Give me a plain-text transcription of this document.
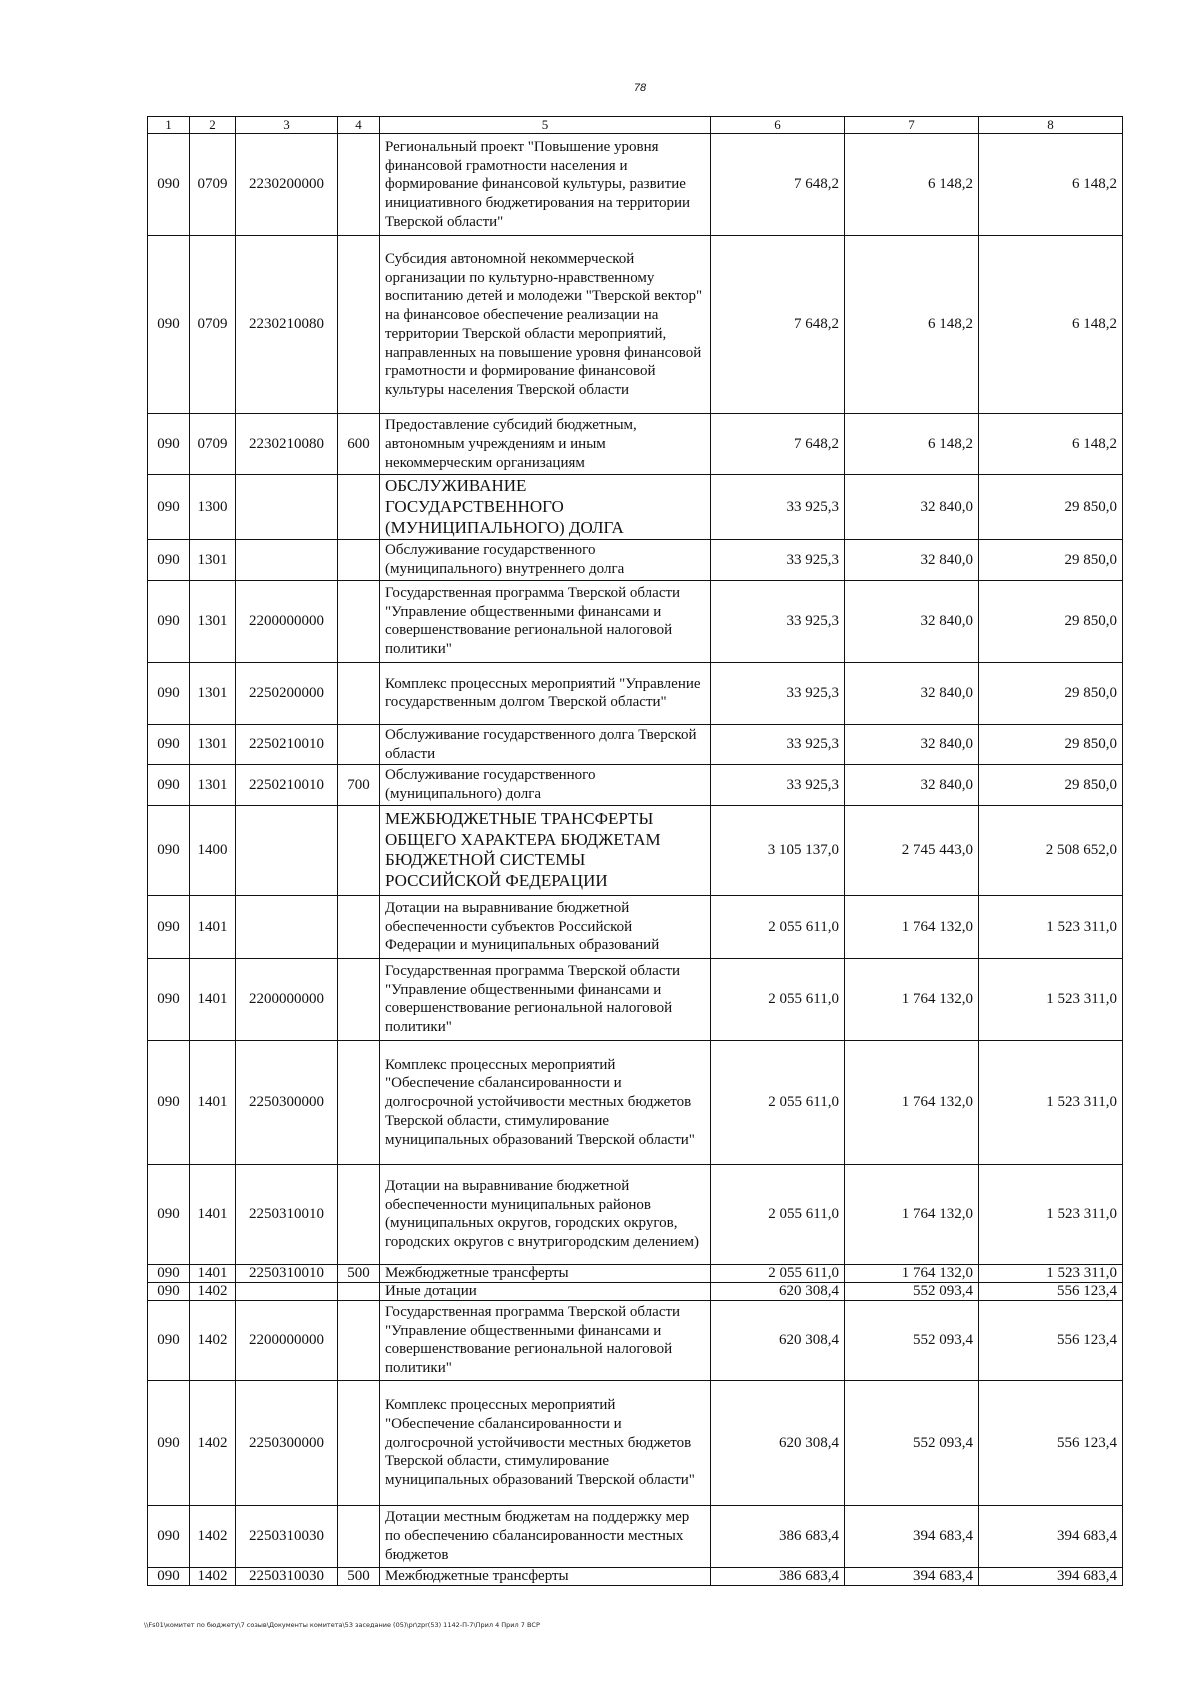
78
1	2	3	4	5	6	7	8
090	0709	2230200000		Региональный проект "Повышение уровня финансовой грамотности населения и формирование финансовой культуры, развитие инициативного бюджетирования на территории Тверской области"	7 648,2	6 148,2	6 148,2
090	0709	2230210080		Субсидия автономной некоммерческой организации по культурно-нравственному воспитанию детей и молодежи "Тверской вектор" на финансовое обеспечение реализации на территории Тверской области мероприятий, направленных на повышение уровня финансовой грамотности и формирование финансовой культуры населения Тверской области	7 648,2	6 148,2	6 148,2
090	0709	2230210080	600	Предоставление субсидий бюджетным, автономным учреждениям и иным некоммерческим организациям	7 648,2	6 148,2	6 148,2
090	1300			ОБСЛУЖИВАНИЕ ГОСУДАРСТВЕННОГО (МУНИЦИПАЛЬНОГО) ДОЛГА	33 925,3	32 840,0	29 850,0
090	1301			Обслуживание государственного (муниципального) внутреннего долга	33 925,3	32 840,0	29 850,0
090	1301	2200000000		Государственная программа Тверской области "Управление общественными финансами и совершенствование региональной налоговой политики"	33 925,3	32 840,0	29 850,0
090	1301	2250200000		Комплекс процессных мероприятий "Управление государственным долгом Тверской области"	33 925,3	32 840,0	29 850,0
090	1301	2250210010		Обслуживание государственного долга Тверской области	33 925,3	32 840,0	29 850,0
090	1301	2250210010	700	Обслуживание государственного (муниципального) долга	33 925,3	32 840,0	29 850,0
090	1400			МЕЖБЮДЖЕТНЫЕ ТРАНСФЕРТЫ ОБЩЕГО ХАРАКТЕРА БЮДЖЕТАМ БЮДЖЕТНОЙ СИСТЕМЫ РОССИЙСКОЙ ФЕДЕРАЦИИ	3 105 137,0	2 745 443,0	2 508 652,0
090	1401			Дотации на выравнивание бюджетной обеспеченности субъектов Российской Федерации и муниципальных образований	2 055 611,0	1 764 132,0	1 523 311,0
090	1401	2200000000		Государственная программа Тверской области "Управление общественными финансами и совершенствование региональной налоговой политики"	2 055 611,0	1 764 132,0	1 523 311,0
090	1401	2250300000		Комплекс процессных мероприятий "Обеспечение сбалансированности и долгосрочной устойчивости местных бюджетов Тверской области, стимулирование муниципальных образований Тверской области"	2 055 611,0	1 764 132,0	1 523 311,0
090	1401	2250310010		Дотации на выравнивание бюджетной обеспеченности муниципальных районов (муниципальных округов, городских округов, городских округов с внутригородским делением)	2 055 611,0	1 764 132,0	1 523 311,0
090	1401	2250310010	500	Межбюджетные трансферты	2 055 611,0	1 764 132,0	1 523 311,0
090	1402			Иные дотации	620 308,4	552 093,4	556 123,4
090	1402	2200000000		Государственная программа Тверской области "Управление общественными финансами и совершенствование региональной налоговой политики"	620 308,4	552 093,4	556 123,4
090	1402	2250300000		Комплекс процессных мероприятий "Обеспечение сбалансированности и долгосрочной устойчивости местных бюджетов Тверской области, стимулирование муниципальных образований Тверской области"	620 308,4	552 093,4	556 123,4
090	1402	2250310030		Дотации местным бюджетам на поддержку мер по обеспечению сбалансированности местных бюджетов	386 683,4	394 683,4	394 683,4
090	1402	2250310030	500	Межбюджетные трансферты	386 683,4	394 683,4	394 683,4
\\Fs01\комитет по бюджету\7 созыв\Документы комитета\53 заседание (05)\pr\zpr(53) 1142-П-7\Прил 4 Прил 7 ВСР
